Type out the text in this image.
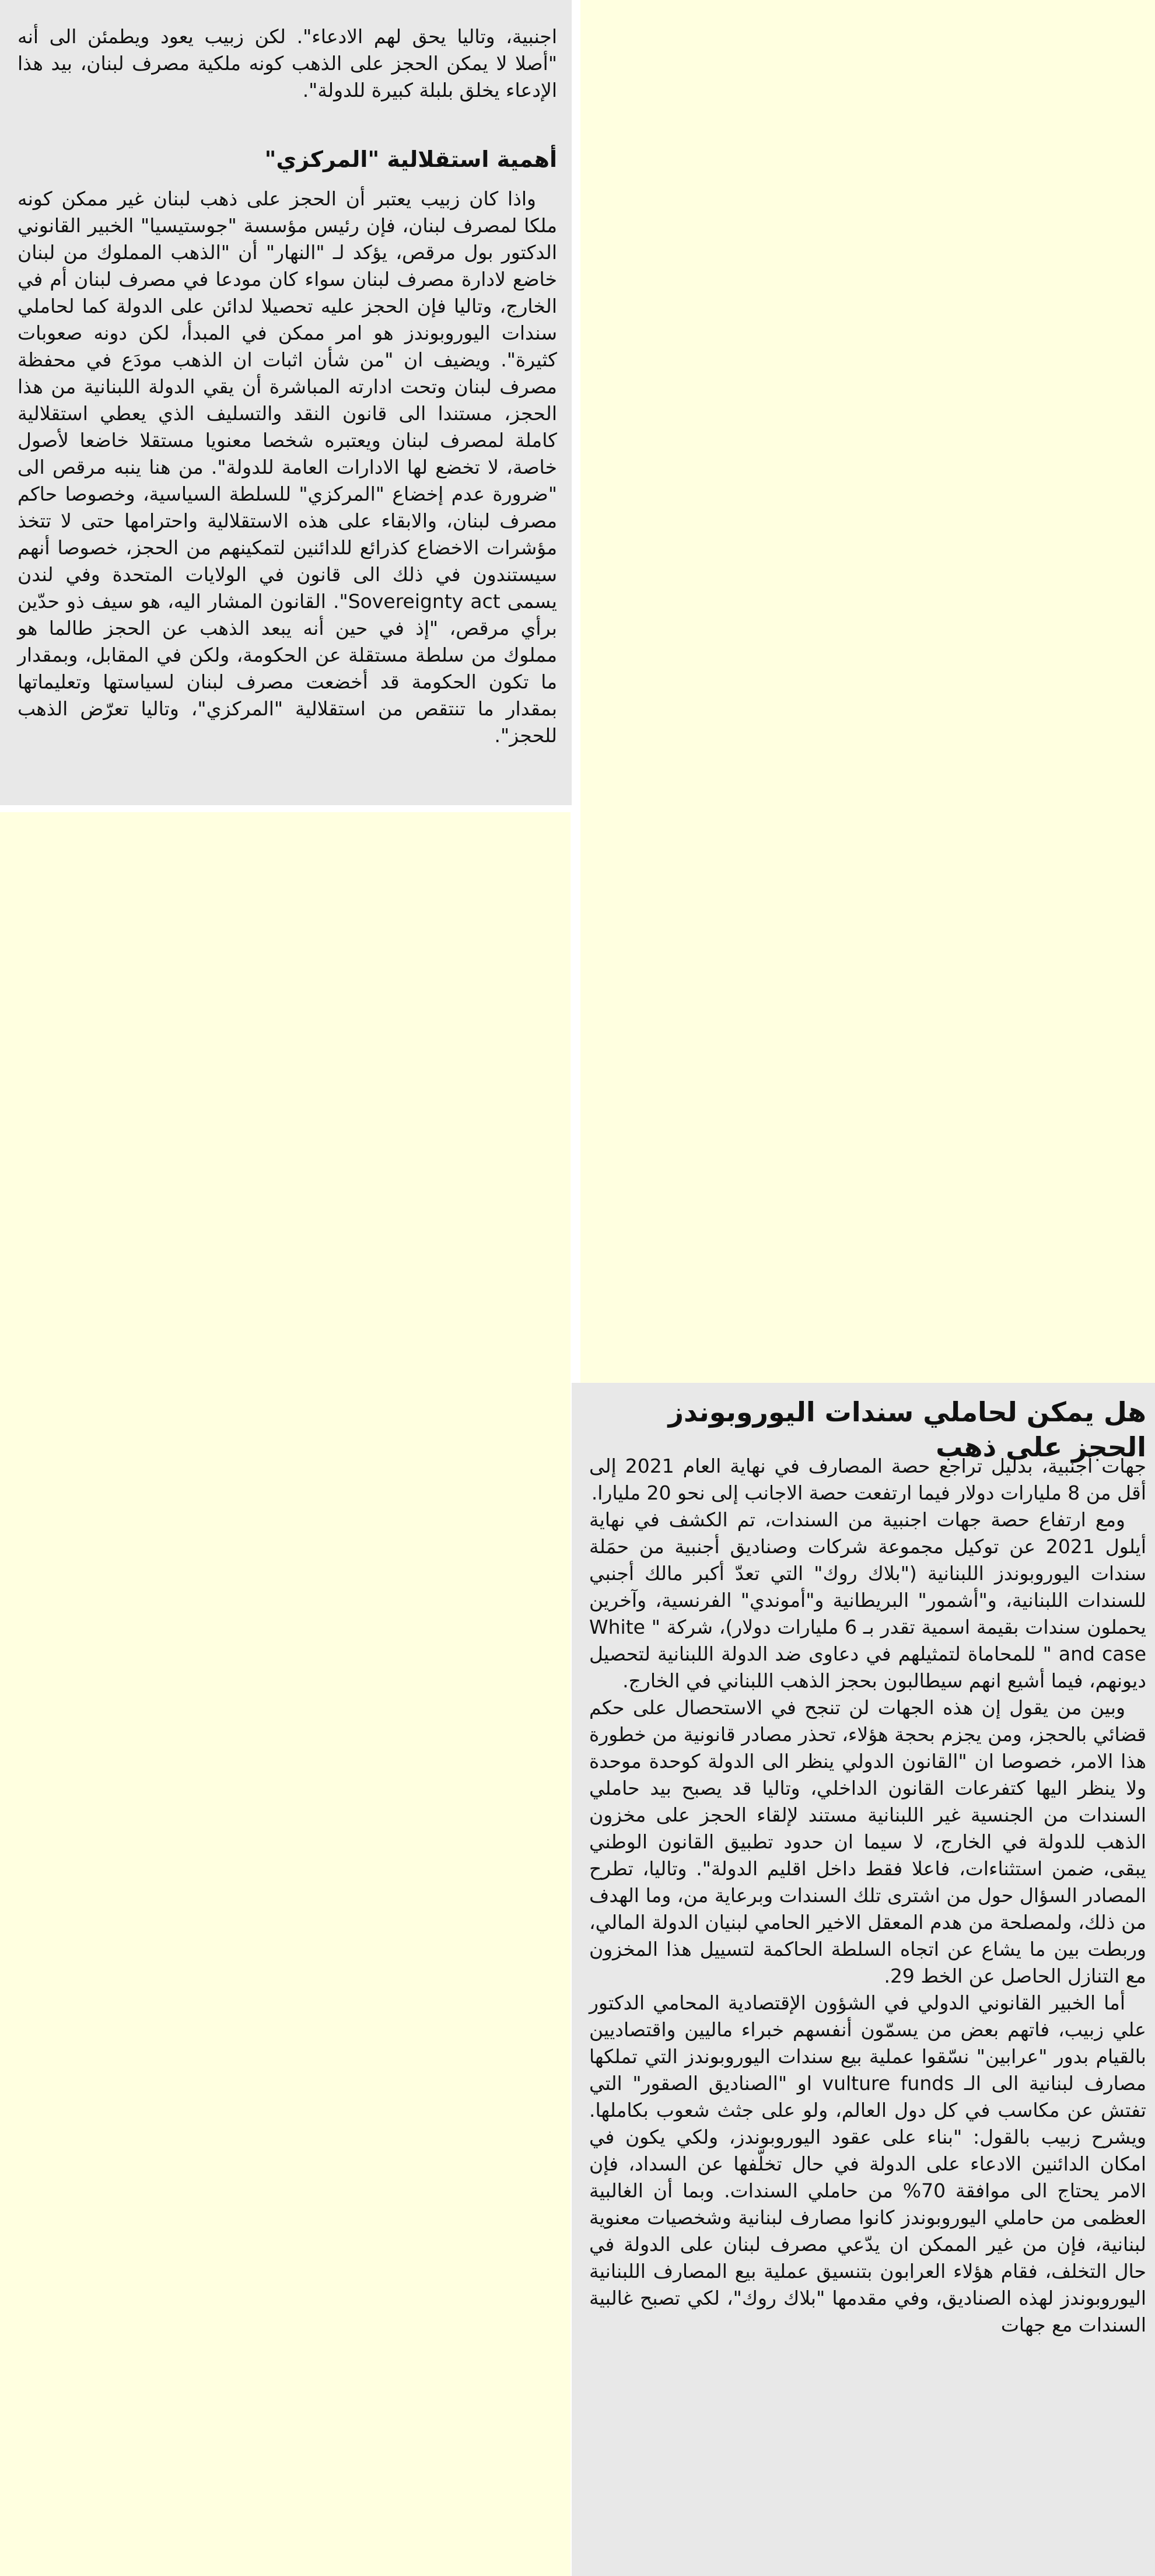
اجنبية، وتاليا يحق لهم الادعاء". لكن زبيب يعود ويطمئن الى أنه "أصلا لا يمكن الحجز على الذهب كونه ملكية مصرف لبنان، بيد هذا الإدعاء يخلق بلبلة كبيرة للدولة".

أهمية استقلالية "المركزي"

واذا كان زبيب يعتبر أن الحجز على ذهب لبنان غير ممكن كونه ملكا لمصرف لبنان، فإن رئيس مؤسسة "جوستيسيا" الخبير القانوني الدكتور بول مرقص، يؤكد لـ "النهار" أن "الذهب المملوك من لبنان خاضع لادارة مصرف لبنان سواء كان مودعا في مصرف لبنان أم في الخارج، وتاليا فإن الحجز عليه تحصيلا لدائن على الدولة كما لحاملي سندات اليوروبوندز هو امر ممكن في المبدأ، لكن دونه صعوبات كثيرة". ويضيف ان "من شأن اثبات ان الذهب مودَع في محفظة مصرف لبنان وتحت ادارته المباشرة أن يقي الدولة اللبنانية من هذا الحجز، مستندا الى قانون النقد والتسليف الذي يعطي استقلالية كاملة لمصرف لبنان ويعتبره شخصا معنويا مستقلا خاضعا لأصول خاصة، لا تخضع لها الادارات العامة للدولة". من هنا ينبه مرقص الى "ضرورة عدم إخضاع "المركزي" للسلطة السياسية، وخصوصا حاكم مصرف لبنان، والابقاء على هذه الاستقلالية واحترامها حتى لا تتخذ مؤشرات الاخضاع كذرائع للدائنين لتمكينهم من الحجز، خصوصا أنهم سيستندون في ذلك الى قانون في الولايات المتحدة وفي لندن يسمى Sovereignty act". القانون المشار اليه، هو سيف ذو حدّين برأي مرقص، "إذ في حين أنه يبعد الذهب عن الحجز طالما هو مملوك من سلطة مستقلة عن الحكومة، ولكن في المقابل، وبمقدار ما تكون الحكومة قد أخضعت مصرف لبنان لسياستها وتعليماتها بمقدار ما تنتقص من استقلالية "المركزي"، وتاليا تعرّض الذهب للحجز".

هل يمكن لحاملي سندات اليوروبوندز الحجز على ذهب

جهات أجنبية، بدليل تراجع حصة المصارف في نهاية العام 2021 إلى أقل من 8 مليارات دولار فيما ارتفعت حصة الاجانب إلى نحو 20 مليارا.

ومع ارتفاع حصة جهات اجنبية من السندات، تم الكشف في نهاية أيلول 2021 عن توكيل مجموعة شركات وصناديق أجنبية من حمَلة سندات اليوروبوندز اللبنانية ("بلاك روك" التي تعدّ أكبر مالك أجنبي للسندات اللبنانية، و"أشمور" البريطانية و"أموندي" الفرنسية، وآخرين يحملون سندات بقيمة اسمية تقدر بـ 6 مليارات دولار)، شركة " White and case " للمحاماة لتمثيلهم في دعاوى ضد الدولة اللبنانية لتحصيل ديونهم، فيما أشيع انهم سيطالبون بحجز الذهب اللبناني في الخارج.

وبين من يقول إن هذه الجهات لن تنجح في الاستحصال على حكم قضائي بالحجز، ومن يجزم بحجة هؤلاء، تحذر مصادر قانونية من خطورة هذا الامر، خصوصا ان "القانون الدولي ينظر الى الدولة كوحدة موحدة ولا ينظر اليها كتفرعات القانون الداخلي، وتاليا قد يصبح بيد حاملي السندات من الجنسية غير اللبنانية مستند لإلقاء الحجز على مخزون الذهب للدولة في الخارج، لا سيما ان حدود تطبيق القانون الوطني يبقى، ضمن استثناءات، فاعلا فقط داخل اقليم الدولة". وتاليا، تطرح المصادر السؤال حول من اشترى تلك السندات وبرعاية من، وما الهدف من ذلك، ولمصلحة من هدم المعقل الاخير الحامي لبنيان الدولة المالي، وربطت بين ما يشاع عن اتجاه السلطة الحاكمة لتسييل هذا المخزون مع التنازل الحاصل عن الخط 29.

أما الخبير القانوني الدولي في الشؤون الإقتصادية المحامي الدكتور علي زبيب، فاتهم بعض من يسمّون أنفسهم خبراء ماليين واقتصاديين بالقيام بدور "عرابين" نسّقوا عملية بيع سندات اليوروبوندز التي تملكها مصارف لبنانية الى الـ vulture funds او "الصناديق الصقور" التي تفتش عن مكاسب في كل دول العالم، ولو على جثث شعوب بكاملها. ويشرح زبيب بالقول: "بناء على عقود اليوروبوندز، ولكي يكون في امكان الدائنين الادعاء على الدولة في حال تخلّفها عن السداد، فإن الامر يحتاج الى موافقة 70% من حاملي السندات. وبما أن الغالبية العظمى من حاملي اليوروبوندز كانوا مصارف لبنانية وشخصيات معنوية لبنانية، فإن من غير الممكن ان يدّعي مصرف لبنان على الدولة في حال التخلف، فقام هؤلاء العرابون بتنسيق عملية بيع المصارف اللبنانية اليوروبوندز لهذه الصناديق، وفي مقدمها "بلاك روك"، لكي تصبح غالبية السندات مع جهات
